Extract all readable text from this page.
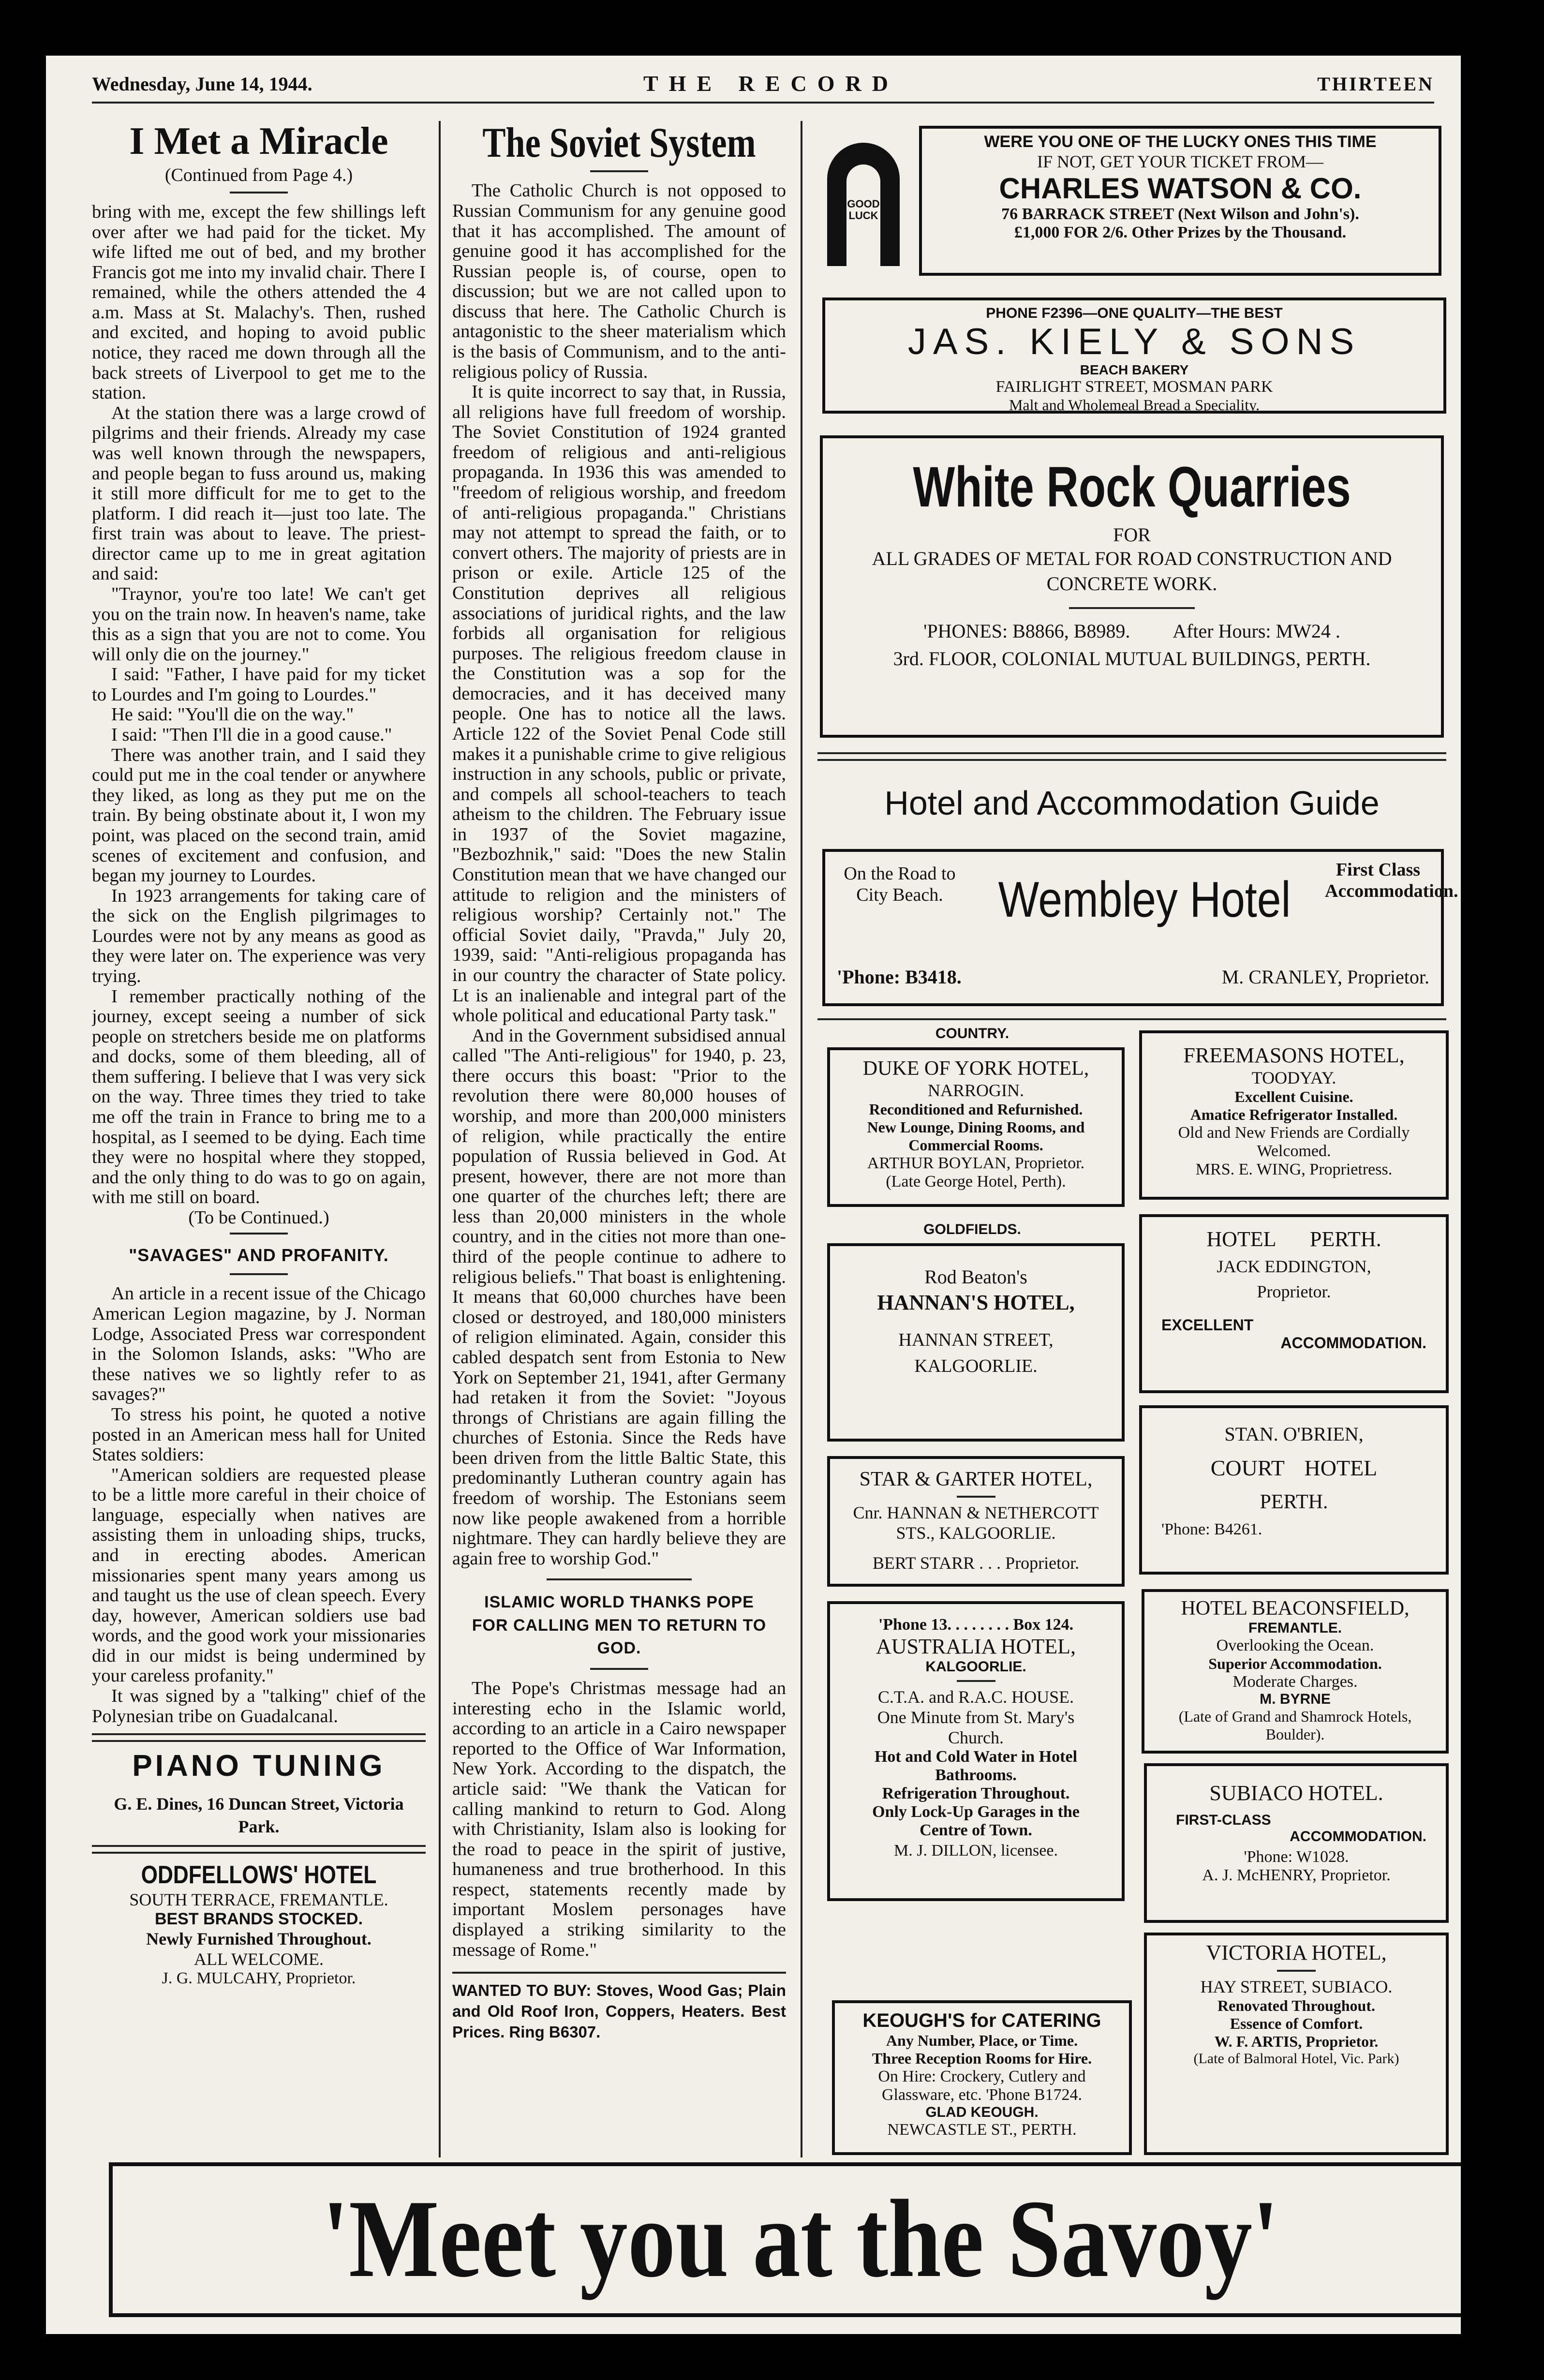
Wednesday, June 14, 1944.	THE RECORD	THIRTEEN
I Met a Miracle
(Continued from Page 4.)

bring with me, except the few shillings left over after we had paid for the ticket. My wife lifted me out of bed, and my brother Francis got me into my invalid chair. There I remained, while the others attended the 4 a.m. Mass at St. Malachy's. Then, rushed and excited, and hoping to avoid public notice, they raced me down through all the back streets of Liverpool to get me to the station.

At the station there was a large crowd of pilgrims and their friends. Already my case was well known through the newspapers, and people began to fuss around us, making it still more difficult for me to get to the platform. I did reach it—just too late. The first train was about to leave. The priest-director came up to me in great agitation and said:

"Traynor, you're too late! We can't get you on the train now. In heaven's name, take this as a sign that you are not to come. You will only die on the journey."

I said: "Father, I have paid for my ticket to Lourdes and I'm going to Lourdes."

He said: "You'll die on the way."

I said: "Then I'll die in a good cause."

There was another train, and I said they could put me in the coal tender or anywhere they liked, as long as they put me on the train. By being obstinate about it, I won my point, was placed on the second train, amid scenes of excitement and confusion, and began my journey to Lourdes.

In 1923 arrangements for taking care of the sick on the English pilgrimages to Lourdes were not by any means as good as they were later on. The experience was very trying.

I remember practically nothing of the journey, except seeing a number of sick people on stretchers beside me on platforms and docks, some of them bleeding, all of them suffering. I believe that I was very sick on the way. Three times they tried to take me off the train in France to bring me to a hospital, as I seemed to be dying. Each time they were no hospital where they stopped, and the only thing to do was to go on again, with me still on board.

(To be Continued.)

"SAVAGES" AND PROFANITY.

An article in a recent issue of the Chicago American Legion magazine, by J. Norman Lodge, Associated Press war correspondent in the Solomon Islands, asks: "Who are these natives we so lightly refer to as savages?"

To stress his point, he quoted a notive posted in an American mess hall for United States soldiers:

"American soldiers are requested please to be a little more careful in their choice of language, especially when natives are assisting them in unloading ships, trucks, and in erecting abodes. American missionaries spent many years among us and taught us the use of clean speech. Every day, however, American soldiers use bad words, and the good work your missionaries did in our midst is being undermined by your careless profanity."

It was signed by a "talking" chief of the Polynesian tribe on Guadalcanal.

PIANO TUNING
G. E. Dines, 16 Duncan Street, Victoria Park.
ODDFELLOWS' HOTEL
SOUTH TERRACE, FREMANTLE.
BEST BRANDS STOCKED.
Newly Furnished Throughout.
ALL WELCOME.
J. G. MULCAHY, Proprietor.
The Soviet System

The Catholic Church is not opposed to Russian Communism for any genuine good that it has accomplished. The amount of genuine good it has accomplished for the Russian people is, of course, open to discussion; but we are not called upon to discuss that here. The Catholic Church is antagonistic to the sheer materialism which is the basis of Communism, and to the anti-religious policy of Russia.

It is quite incorrect to say that, in Russia, all religions have full freedom of worship. The Soviet Constitution of 1924 granted freedom of religious and anti-religious propaganda. In 1936 this was amended to "freedom of religious worship, and freedom of anti-religious propaganda." Christians may not attempt to spread the faith, or to convert others. The majority of priests are in prison or exile. Article 125 of the Constitution deprives all religious associations of juridical rights, and the law forbids all organisation for religious purposes. The religious freedom clause in the Constitution was a sop for the democracies, and it has deceived many people. One has to notice all the laws. Article 122 of the Soviet Penal Code still makes it a punishable crime to give religious instruction in any schools, public or private, and compels all school-teachers to teach atheism to the children. The February issue in 1937 of the Soviet magazine, "Bezbozhnik," said: "Does the new Stalin Constitution mean that we have changed our attitude to religion and the ministers of religious worship? Certainly not." The official Soviet daily, "Pravda," July 20, 1939, said: "Anti-religious propaganda has in our country the character of State policy. Lt is an inalienable and integral part of the whole political and educational Party task."

And in the Government subsidised annual called "The Anti-religious" for 1940, p. 23, there occurs this boast: "Prior to the revolution there were 80,000 houses of worship, and more than 200,000 ministers of religion, while practically the entire population of Russia believed in God. At present, however, there are not more than one quarter of the churches left; there are less than 20,000 ministers in the whole country, and in the cities not more than one-third of the people continue to adhere to religious beliefs." That boast is enlightening. It means that 60,000 churches have been closed or destroyed, and 180,000 ministers of religion eliminated. Again, consider this cabled despatch sent from Estonia to New York on September 21, 1941, after Germany had retaken it from the Soviet: "Joyous throngs of Christians are again filling the churches of Estonia. Since the Reds have been driven from the little Baltic State, this predominantly Lutheran country again has freedom of worship. The Estonians seem now like people awakened from a horrible nightmare. They can hardly believe they are again free to worship God."

ISLAMIC WORLD THANKS POPE FOR CALLING MEN TO RETURN TO GOD.

The Pope's Christmas message had an interesting echo in the Islamic world, according to an article in a Cairo newspaper reported to the Office of War Information, New York. According to the dispatch, the article said: "We thank the Vatican for calling mankind to return to God. Along with Christianity, Islam also is looking for the road to peace in the spirit of justive, humaneness and true brotherhood. In this respect, statements recently made by important Moslem personages have displayed a striking similarity to the message of Rome."

WANTED TO BUY: Stoves, Wood Gas; Plain and Old Roof Iron, Coppers, Heaters. Best Prices. Ring B6307.
GOOD LUCK
WERE YOU ONE OF THE LUCKY ONES THIS TIME
IF NOT, GET YOUR TICKET FROM—
CHARLES WATSON & CO.
76 BARRACK STREET (Next Wilson and John's).
£1,000 FOR 2/6. Other Prizes by the Thousand.
PHONE F2396—ONE QUALITY—THE BEST
JAS. KIELY & SONS
BEACH BAKERY
FAIRLIGHT STREET, MOSMAN PARK
Malt and Wholemeal Bread a Speciality.
White Rock Quarries
FOR
ALL GRADES OF METAL FOR ROAD CONSTRUCTION AND CONCRETE WORK.
'PHONES: B8866, B8989. After Hours: MW24 .
3rd. FLOOR, COLONIAL MUTUAL BUILDINGS, PERTH.
Hotel and Accommodation Guide
On the Road to City Beach.	Wembley Hotel
First Class Accommodation.
'Phone: B3418.	M. CRANLEY, Proprietor.
COUNTRY.
DUKE OF YORK HOTEL,
NARROGIN.
Reconditioned and Refurnished.
New Lounge, Dining Rooms, and Commercial Rooms.
ARTHUR BOYLAN, Proprietor.
(Late George Hotel, Perth).
GOLDFIELDS.
Rod Beaton's
HANNAN'S HOTEL,
HANNAN STREET,
KALGOORLIE.
STAR & GARTER HOTEL,
Cnr. HANNAN & NETHERCOTT STS., KALGOORLIE.
BERT STARR . . . Proprietor.
'Phone 13. . . . . . . . Box 124.
AUSTRALIA HOTEL,
KALGOORLIE.
C.T.A. and R.A.C. HOUSE.
One Minute from St. Mary's Church.
Hot and Cold Water in Hotel Bathrooms.
Refrigeration Throughout.
Only Lock-Up Garages in the Centre of Town.
M. J. DILLON, licensee.
KEOUGH'S for CATERING
Any Number, Place, or Time.
Three Reception Rooms for Hire.
On Hire: Crockery, Cutlery and Glassware, etc. 'Phone B1724.
GLAD KEOUGH.
NEWCASTLE ST., PERTH.
FREEMASONS HOTEL,
TOODYAY.
Excellent Cuisine.
Amatice Refrigerator Installed.
Old and New Friends are Cordially Welcomed.
MRS. E. WING, Proprietress.
HOTEL PERTH.
JACK EDDINGTON,
Proprietor.
EXCELLENT
ACCOMMODATION.
STAN. O'BRIEN,
COURT HOTEL
PERTH.
'Phone: B4261.
HOTEL BEACONSFIELD,
FREMANTLE.
Overlooking the Ocean.
Superior Accommodation.
Moderate Charges.
M. BYRNE
(Late of Grand and Shamrock Hotels, Boulder).
SUBIACO HOTEL.
FIRST-CLASS
ACCOMMODATION.
'Phone: W1028.
A. J. McHENRY, Proprietor.
VICTORIA HOTEL,
HAY STREET, SUBIACO.
Renovated Throughout.
Essence of Comfort.
W. F. ARTIS, Proprietor.
(Late of Balmoral Hotel, Vic. Park)
'Meet you at the Savoy'
